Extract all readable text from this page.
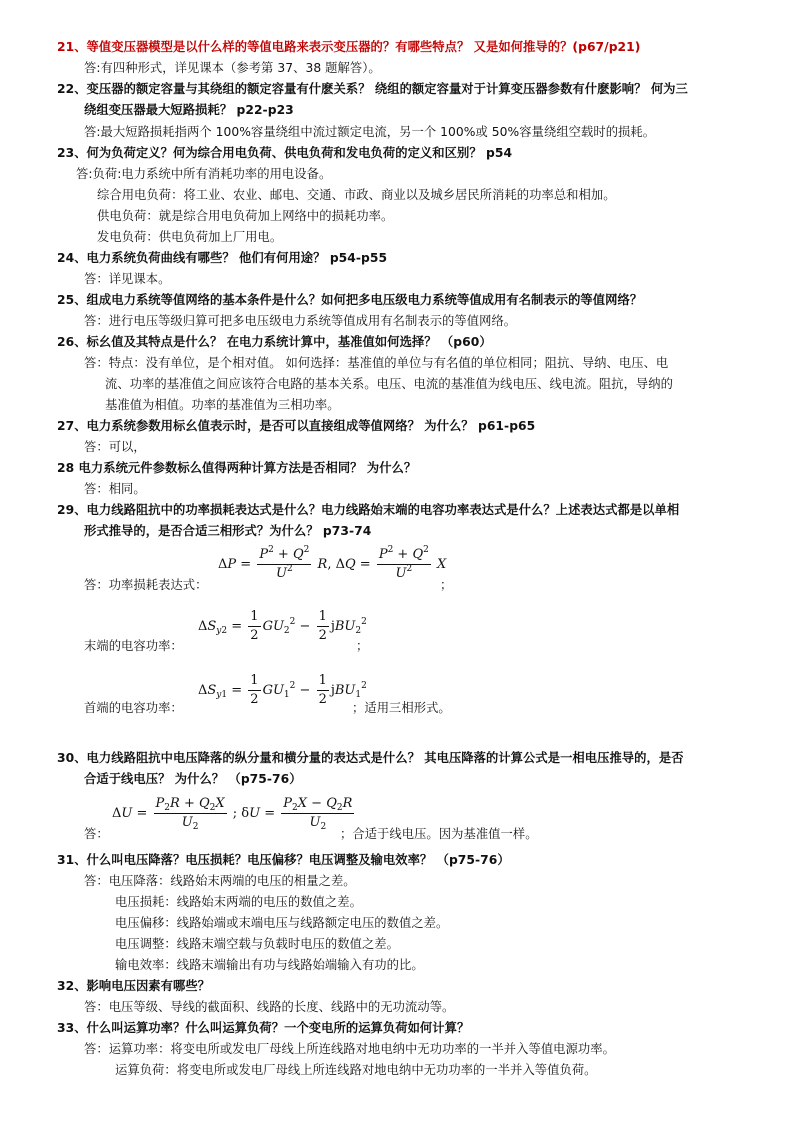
21、等值变压器模型是以什么样的等值电路来表示变压器的？有哪些特点？ 又是如何推导的？(p67/p21)
答:有四种形式，详见课本（参考第 37、38 题解答）。
22、变压器的额定容量与其绕组的额定容量有什麽关系？ 绕组的额定容量对于计算变压器参数有什麽影响？ 何为三
绕组变压器最大短路损耗？ p22-p23
答:最大短路损耗指两个 100%容量绕组中流过额定电流，另一个 100%或 50%容量绕组空载时的损耗。
23、何为负荷定义？何为综合用电负荷、供电负荷和发电负荷的定义和区别？ p54
答:负荷:电力系统中所有消耗功率的用电设备。
综合用电负荷：将工业、农业、邮电、交通、市政、商业以及城乡居民所消耗的功率总和相加。
供电负荷：就是综合用电负荷加上网络中的损耗功率。
发电负荷：供电负荷加上厂用电。
24、电力系统负荷曲线有哪些？ 他们有何用途？ p54-p55
答：详见课本。
25、组成电力系统等值网络的基本条件是什么？如何把多电压级电力系统等值成用有名制表示的等值网络？
答：进行电压等级归算可把多电压级电力系统等值成用有名制表示的等值网络。
26、标幺值及其特点是什么？ 在电力系统计算中，基准值如何选择？ （p60）
答：特点：没有单位，是个相对值。 如何选择：基准值的单位与有名值的单位相同；阻抗、导纳、电压、电
流、功率的基准值之间应该符合电路的基本关系。电压、电流的基准值为线电压、线电流。阻抗，导纳的
基准值为相值。功率的基准值为三相功率。
27、电力系统参数用标幺值表示时，是否可以直接组成等值网络？ 为什么？ p61-p65
答：可以，
28 电力系统元件参数标么值得两种计算方法是否相同？ 为什么？
答：相同。
29、电力线路阻抗中的功率损耗表达式是什么？电力线路始末端的电容功率表达式是什么？上述表达式都是以单相
形式推导的，是否合适三相形式？为什么？ p73-74
答：功率损耗表达式：
$\Delta P = \frac{P^2 + Q^2}{U^2} R$, $\Delta Q = \frac{P^2 + Q^2}{U^2}$ X
；
末端的电容功率：
$\Delta S_{y2} = \frac{1}{2} GU_2^2 - \frac{1}{2} jBU_2^2$
；
首端的电容功率：
$\Delta S_{y1} = \frac{1}{2} GU_1^2 - \frac{1}{2} jBU_1^2$
；适用三相形式。
30、电力线路阻抗中电压降落的纵分量和横分量的表达式是什么？ 其电压降落的计算公式是一相电压推导的，是否
合适于线电压？ 为什么？ （p75-76）
答：
$\Delta U = \frac{P_2R + Q_2X}{U_2}$ ; $\delta U = \frac{P_2X - Q_2R}{U_2}$
；合适于线电压。因为基准值一样。
31、什么叫电压降落？电压损耗？电压偏移？电压调整及输电效率？ （p75-76）
答：电压降落：线路始末两端的电压的相量之差。
电压损耗：线路始末两端的电压的数值之差。
电压偏移：线路始端或末端电压与线路额定电压的数值之差。
电压调整：线路末端空载与负载时电压的数值之差。
输电效率：线路末端输出有功与线路始端输入有功的比。
32、影响电压因素有哪些？
答：电压等级、导线的截面积、线路的长度、线路中的无功流动等。
33、什么叫运算功率？什么叫运算负荷？一个变电所的运算负荷如何计算？
答：运算功率：将变电所或发电厂母线上所连线路对地电纳中无功功率的一半并入等值电源功率。
运算负荷：将变电所或发电厂母线上所连线路对地电纳中无功功率的一半并入等值负荷。
